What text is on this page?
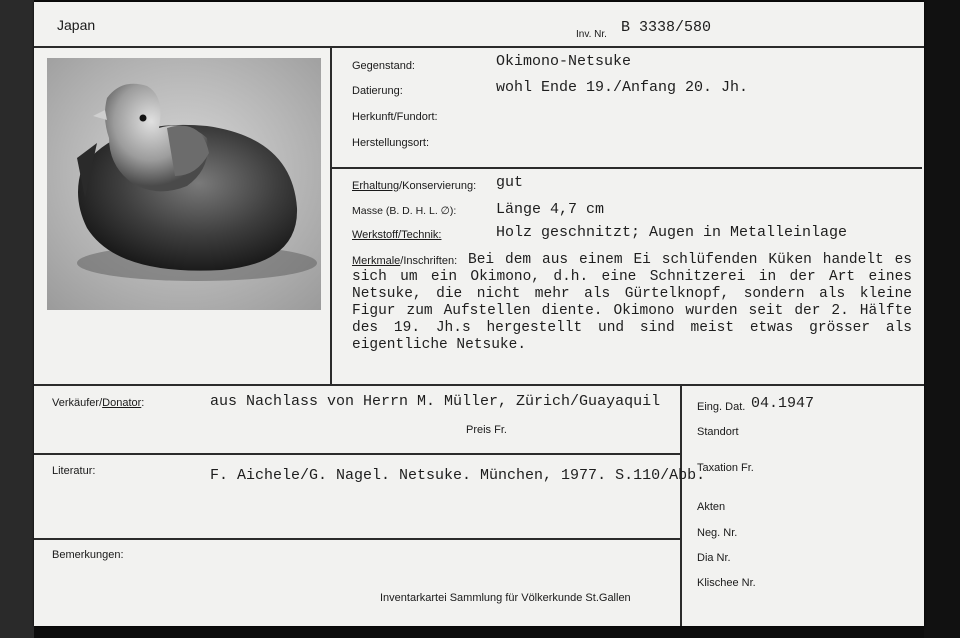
Japan
Inv. Nr. B 3338/580
Gegenstand:	Okimono-Netsuke
Datierung:	wohl Ende 19./Anfang 20. Jh.
Herkunft/Fundort:
Herstellungsort:
Erhaltung/Konservierung: gut
Masse (B. D. H. L. ∅):	Länge 4,7 cm
Werkstoff/Technik:	Holz geschnitzt; Augen in Metalleinlage
Merkmale/Inschriften: Bei dem aus einem Ei schlüfenden Küken handelt es sich um ein Okimono, d.h. eine Schnitzerei in der Art eines Netsuke, die nicht mehr als Gürtelknopf, sondern als kleine Figur zum Aufstellen diente. Okimono wurden seit der 2. Hälfte des 19. Jh.s hergestellt und sind meist etwas grösser als eigentliche Netsuke.
Verkäufer/Donator:	aus Nachlass von Herrn M. Müller, Zürich/Guayaquil
Preis Fr.
Literatur:	F. Aichele/G. Nagel. Netsuke. München, 1977. S.110/Abb.
Bemerkungen:
Inventarkartei Sammlung für Völkerkunde St.Gallen
Eing. Dat. 04.1947
Standort
Taxation Fr.
Akten
Neg. Nr.
Dia Nr.
Klischee Nr.
